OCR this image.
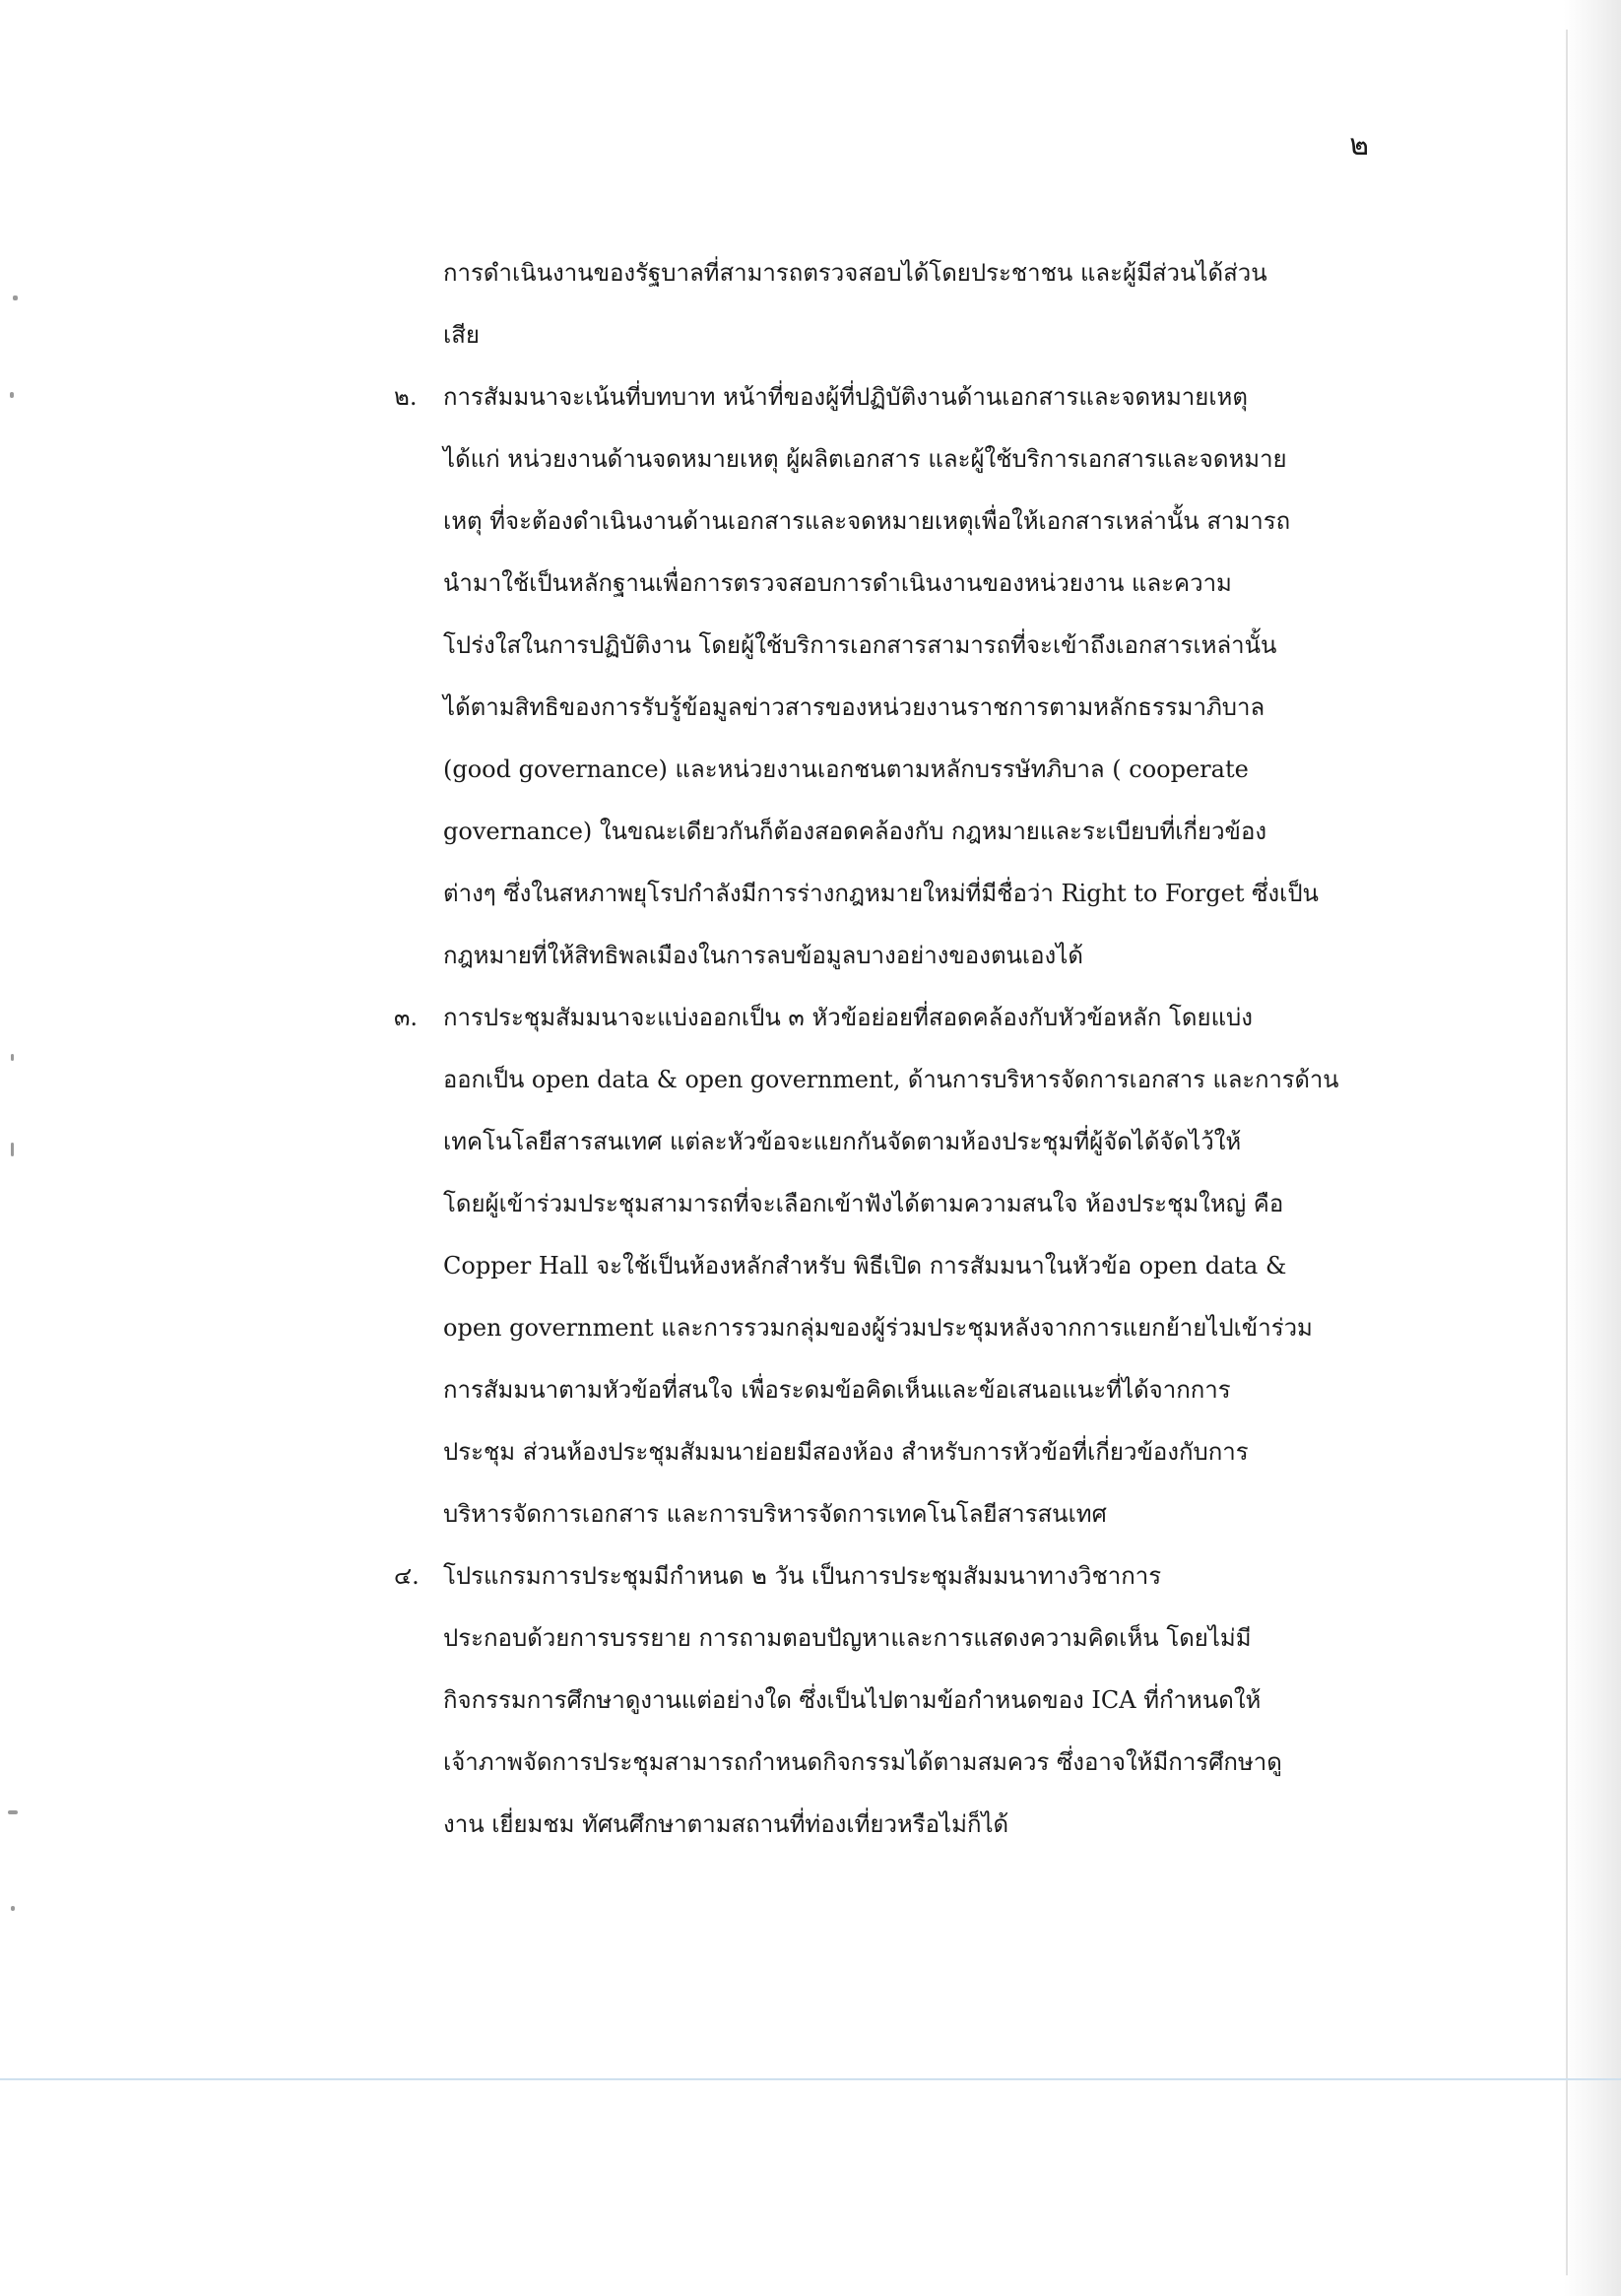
๒
การดำเนินงานของรัฐบาลที่สามารถตรวจสอบได้โดยประชาชน และผู้มีส่วนได้ส่วน
เสีย
๒.	การสัมมนาจะเน้นที่บทบาท หน้าที่ของผู้ที่ปฏิบัติงานด้านเอกสารและจดหมายเหตุ
ได้แก่ หน่วยงานด้านจดหมายเหตุ ผู้ผลิตเอกสาร และผู้ใช้บริการเอกสารและจดหมาย
เหตุ ที่จะต้องดำเนินงานด้านเอกสารและจดหมายเหตุเพื่อให้เอกสารเหล่านั้น สามารถ
นำมาใช้เป็นหลักฐานเพื่อการตรวจสอบการดำเนินงานของหน่วยงาน และความ
โปร่งใสในการปฏิบัติงาน โดยผู้ใช้บริการเอกสารสามารถที่จะเข้าถึงเอกสารเหล่านั้น
ได้ตามสิทธิของการรับรู้ข้อมูลข่าวสารของหน่วยงานราชการตามหลักธรรมาภิบาล
(good governance) และหน่วยงานเอกชนตามหลักบรรษัทภิบาล ( cooperate
governance) ในขณะเดียวกันก็ต้องสอดคล้องกับ กฎหมายและระเบียบที่เกี่ยวข้อง
ต่างๆ ซึ่งในสหภาพยุโรปกำลังมีการร่างกฎหมายใหม่ที่มีชื่อว่า Right to Forget ซึ่งเป็น
กฎหมายที่ให้สิทธิพลเมืองในการลบข้อมูลบางอย่างของตนเองได้
๓.	การประชุมสัมมนาจะแบ่งออกเป็น ๓ หัวข้อย่อยที่สอดคล้องกับหัวข้อหลัก โดยแบ่ง
ออกเป็น open data & open government, ด้านการบริหารจัดการเอกสาร และการด้าน
เทคโนโลยีสารสนเทศ แต่ละหัวข้อจะแยกกันจัดตามห้องประชุมที่ผู้จัดได้จัดไว้ให้
โดยผู้เข้าร่วมประชุมสามารถที่จะเลือกเข้าฟังได้ตามความสนใจ ห้องประชุมใหญ่ คือ
Copper Hall จะใช้เป็นห้องหลักสำหรับ พิธีเปิด การสัมมนาในหัวข้อ open data &
open government และการรวมกลุ่มของผู้ร่วมประชุมหลังจากการแยกย้ายไปเข้าร่วม
การสัมมนาตามหัวข้อที่สนใจ เพื่อระดมข้อคิดเห็นและข้อเสนอแนะที่ได้จากการ
ประชุม ส่วนห้องประชุมสัมมนาย่อยมีสองห้อง สำหรับการหัวข้อที่เกี่ยวข้องกับการ
บริหารจัดการเอกสาร และการบริหารจัดการเทคโนโลยีสารสนเทศ
๔.	โปรแกรมการประชุมมีกำหนด ๒ วัน เป็นการประชุมสัมมนาทางวิชาการ
ประกอบด้วยการบรรยาย การถามตอบปัญหาและการแสดงความคิดเห็น โดยไม่มี
กิจกรรมการศึกษาดูงานแต่อย่างใด ซึ่งเป็นไปตามข้อกำหนดของ ICA ที่กำหนดให้
เจ้าภาพจัดการประชุมสามารถกำหนดกิจกรรมได้ตามสมควร ซึ่งอาจให้มีการศึกษาดู
งาน เยี่ยมชม ทัศนศึกษาตามสถานที่ท่องเที่ยวหรือไม่ก็ได้
